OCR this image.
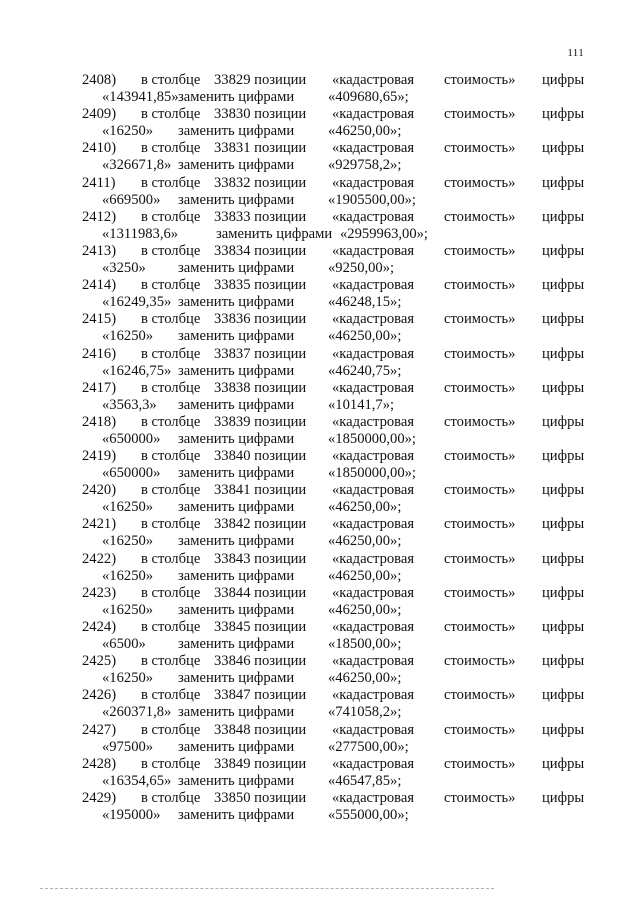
111
2408) в столбце 33829 позиции «кадастровая стоимость» цифры
«143941,85» заменить цифрами «409680,65»;
2409) в столбце 33830 позиции «кадастровая стоимость» цифры
«16250» заменить цифрами «46250,00»;
2410) в столбце 33831 позиции «кадастровая стоимость» цифры
«326671,8» заменить цифрами «929758,2»;
2411) в столбце 33832 позиции «кадастровая стоимость» цифры
«669500» заменить цифрами «1905500,00»;
2412) в столбце 33833 позиции «кадастровая стоимость» цифры
«1311983,6»	заменить цифрами «2959963,00»;
2413) в столбце 33834 позиции «кадастровая стоимость» цифры
«3250» заменить цифрами «9250,00»;
2414) в столбце 33835 позиции «кадастровая стоимость» цифры
«16249,35» заменить цифрами «46248,15»;
2415) в столбце 33836 позиции «кадастровая стоимость» цифры
«16250» заменить цифрами «46250,00»;
2416) в столбце 33837 позиции «кадастровая стоимость» цифры
«16246,75» заменить цифрами «46240,75»;
2417) в столбце 33838 позиции «кадастровая стоимость» цифры
«3563,3» заменить цифрами «10141,7»;
2418) в столбце 33839 позиции «кадастровая стоимость» цифры
«650000» заменить цифрами «1850000,00»;
2419) в столбце 33840 позиции «кадастровая стоимость» цифры
«650000» заменить цифрами «1850000,00»;
2420) в столбце 33841 позиции «кадастровая стоимость» цифры
«16250» заменить цифрами «46250,00»;
2421) в столбце 33842 позиции «кадастровая стоимость» цифры
«16250» заменить цифрами «46250,00»;
2422) в столбце 33843 позиции «кадастровая стоимость» цифры
«16250» заменить цифрами «46250,00»;
2423) в столбце 33844 позиции «кадастровая стоимость» цифры
«16250» заменить цифрами «46250,00»;
2424) в столбце 33845 позиции «кадастровая стоимость» цифры
«6500» заменить цифрами «18500,00»;
2425) в столбце 33846 позиции «кадастровая стоимость» цифры
«16250» заменить цифрами «46250,00»;
2426) в столбце 33847 позиции «кадастровая стоимость» цифры
«260371,8» заменить цифрами «741058,2»;
2427) в столбце 33848 позиции «кадастровая стоимость» цифры
«97500» заменить цифрами «277500,00»;
2428) в столбце 33849 позиции «кадастровая стоимость» цифры
«16354,65» заменить цифрами «46547,85»;
2429) в столбце 33850 позиции «кадастровая стоимость» цифры
«195000» заменить цифрами «555000,00»;
